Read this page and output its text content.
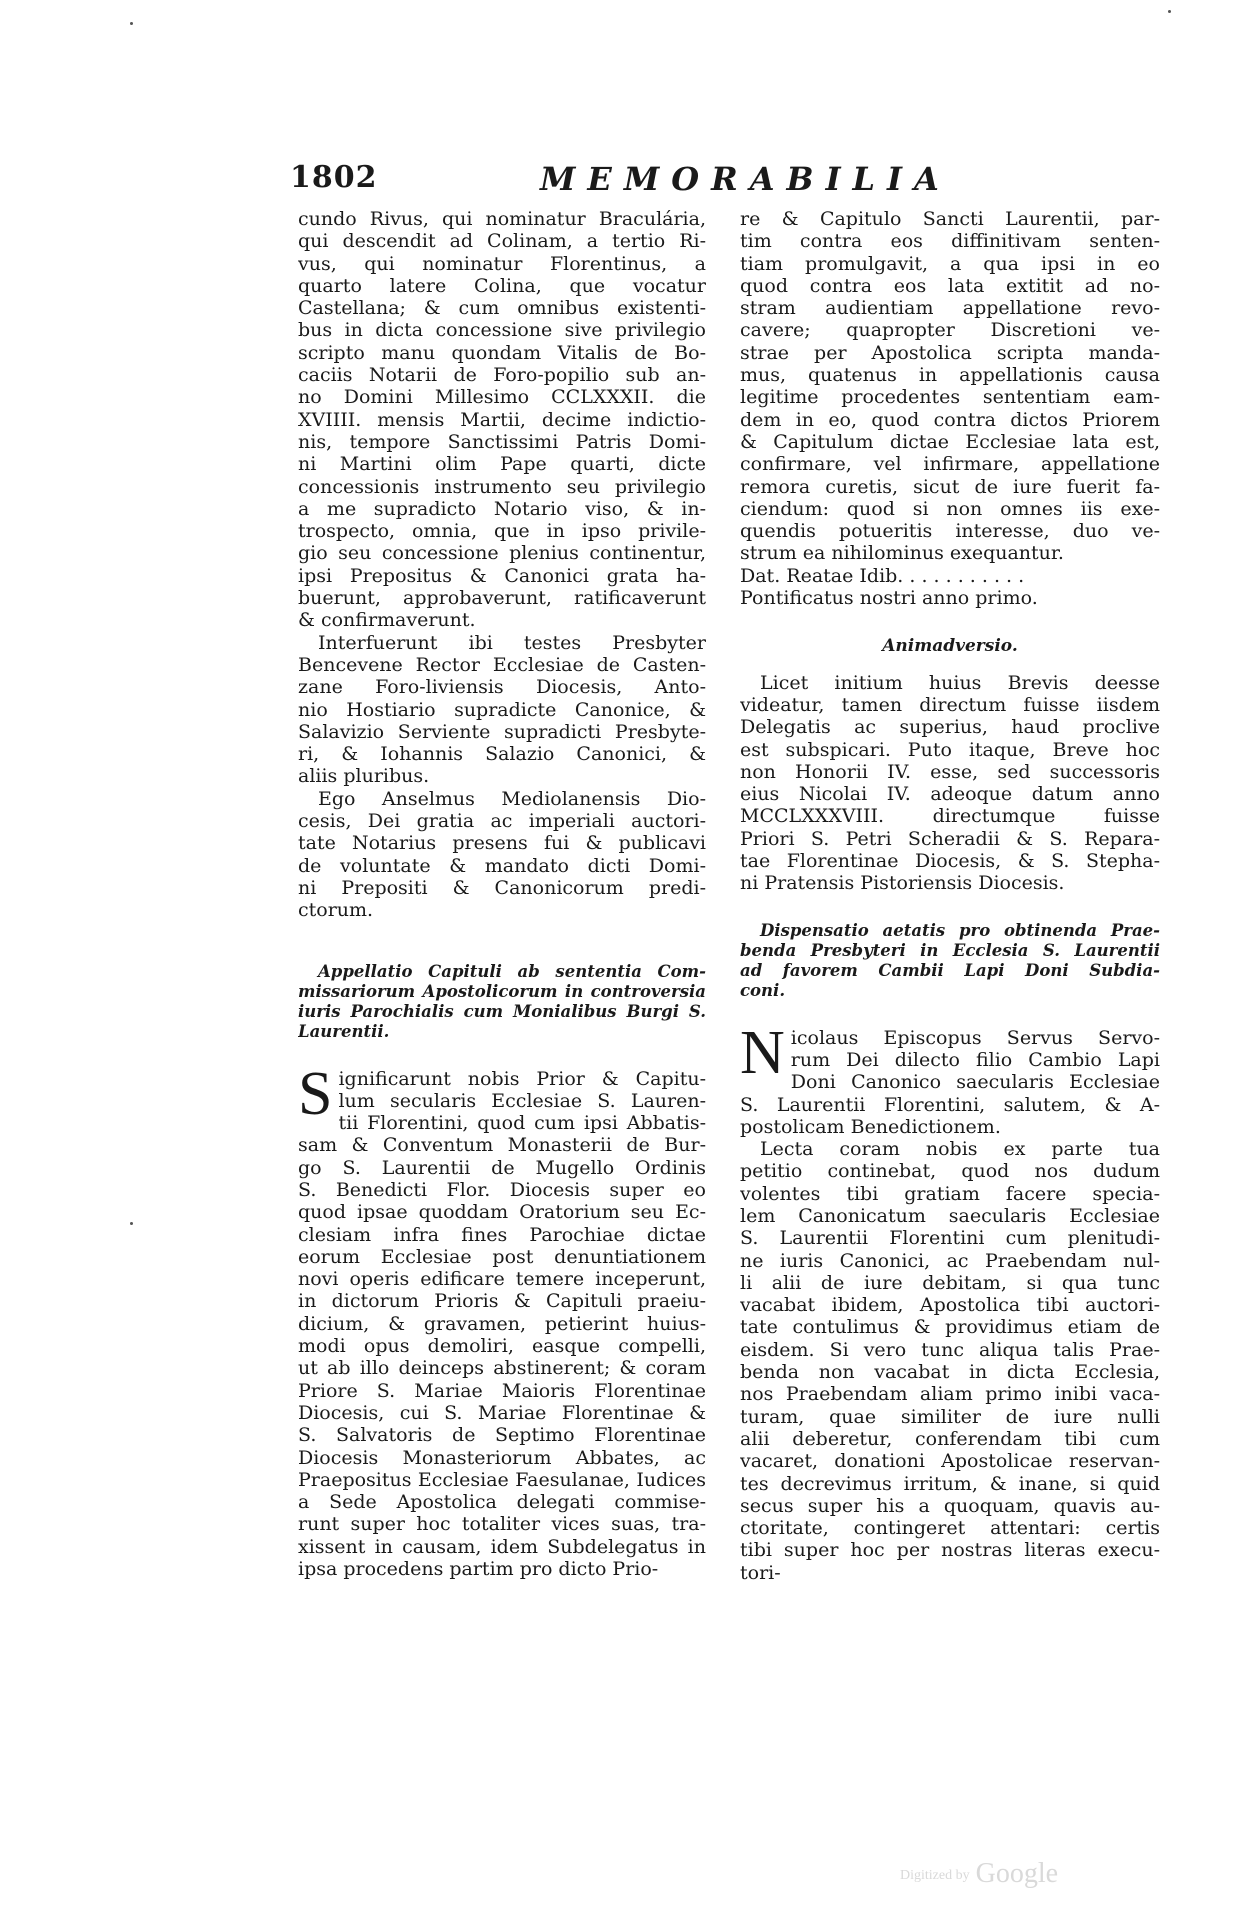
1802	MEMORABILIA
cundo Rivus, qui nominatur Braculária,
qui descendit ad Colinam, a tertio Ri-
vus, qui nominatur Florentinus, a
quarto latere Colina, que vocatur
Castellana; & cum omnibus existenti-
bus in dicta concessione sive privilegio
scripto manu quondam Vitalis de Bo-
caciis Notarii de Foro-popilio sub an-
no Domini Millesimo CCLXXXII. die
XVIIII. mensis Martii, decime indictio-
nis, tempore Sanctissimi Patris Domi-
ni Martini olim Pape quarti, dicte
concessionis instrumento seu privilegio
a me supradicto Notario viso, & in-
trospecto, omnia, que in ipso privile-
gio seu concessione plenius continentur,
ipsi Prepositus & Canonici grata ha-
buerunt, approbaverunt, ratificaverunt
& confirmaverunt.
Interfuerunt ibi testes Presbyter
Bencevene Rector Ecclesiae de Casten-
zane Foro-liviensis Diocesis, Anto-
nio Hostiario supradicte Canonice, &
Salavizio Serviente supradicti Presbyte-
ri, & Iohannis Salazio Canonici, &
aliis pluribus.
Ego Anselmus Mediolanensis Dio-
cesis, Dei gratia ac imperiali auctori-
tate Notarius presens fui & publicavi
de voluntate & mandato dicti Domi-
ni Prepositi & Canonicorum predi-
ctorum.
Appellatio Capituli ab sententia Com-
missariorum Apostolicorum in controversia
iuris Parochialis cum Monialibus Burgi S.
Laurentii.
S ignificarunt nobis Prior & Capitu-
lum secularis Ecclesiae S. Lauren-
tii Florentini, quod cum ipsi Abbatis-
sam & Conventum Monasterii de Bur-
go S. Laurentii de Mugello Ordinis
S. Benedicti Flor. Diocesis super eo
quod ipsae quoddam Oratorium seu Ec-
clesiam infra fines Parochiae dictae
eorum Ecclesiae post denuntiationem
novi operis edificare temere inceperunt,
in dictorum Prioris & Capituli praeiu-
dicium, & gravamen, petierint huius-
modi opus demoliri, easque compelli,
ut ab illo deinceps abstinerent; & coram
Priore S. Mariae Maioris Florentinae
Diocesis, cui S. Mariae Florentinae &
S. Salvatoris de Septimo Florentinae
Diocesis Monasteriorum Abbates, ac
Praepositus Ecclesiae Faesulanae, Iudices
a Sede Apostolica delegati commise-
runt super hoc totaliter vices suas, tra-
xissent in causam, idem Subdelegatus in
ipsa procedens partim pro dicto Prio-
re & Capitulo Sancti Laurentii, par-
tim contra eos diffinitivam senten-
tiam promulgavit, a qua ipsi in eo
quod contra eos lata extitit ad no-
stram audientiam appellatione revo-
cavere; quapropter Discretioni ve-
strae per Apostolica scripta manda-
mus, quatenus in appellationis causa
legitime procedentes sententiam eam-
dem in eo, quod contra dictos Priorem
& Capitulum dictae Ecclesiae lata est,
confirmare, vel infirmare, appellatione
remora curetis, sicut de iure fuerit fa-
ciendum: quod si non omnes iis exe-
quendis potueritis interesse, duo ve-
strum ea nihilominus exequantur.
Dat. Reatae Idib. . . . . . . . . . .
Pontificatus nostri anno primo.
Animadversio.
Licet initium huius Brevis deesse
videatur, tamen directum fuisse iisdem
Delegatis ac superius, haud proclive
est subspicari. Puto itaque, Breve hoc
non Honorii IV. esse, sed successoris
eius Nicolai IV. adeoque datum anno
MCCLXXXVIII. directumque fuisse
Priori S. Petri Scheradii & S. Repara-
tae Florentinae Diocesis, & S. Stepha-
ni Pratensis Pistoriensis Diocesis.
Dispensatio aetatis pro obtinenda Prae-
benda Presbyteri in Ecclesia S. Laurentii
ad favorem Cambii Lapi Doni Subdia-
coni.
N icolaus Episcopus Servus Servo-
rum Dei dilecto filio Cambio Lapi
Doni Canonico saecularis Ecclesiae
S. Laurentii Florentini, salutem, & A-
postolicam Benedictionem.
Lecta coram nobis ex parte tua
petitio continebat, quod nos dudum
volentes tibi gratiam facere specia-
lem Canonicatum saecularis Ecclesiae
S. Laurentii Florentini cum plenitudi-
ne iuris Canonici, ac Praebendam nul-
li alii de iure debitam, si qua tunc
vacabat ibidem, Apostolica tibi auctori-
tate contulimus & providimus etiam de
eisdem. Si vero tunc aliqua talis Prae-
benda non vacabat in dicta Ecclesia,
nos Praebendam aliam primo inibi vaca-
turam, quae similiter de iure nulli
alii deberetur, conferendam tibi cum
vacaret, donationi Apostolicae reservan-
tes decrevimus irritum, & inane, si quid
secus super his a quoquam, quavis au-
ctoritate, contingeret attentari: certis
tibi super hoc per nostras literas execu-
tori-
Digitized by Google
